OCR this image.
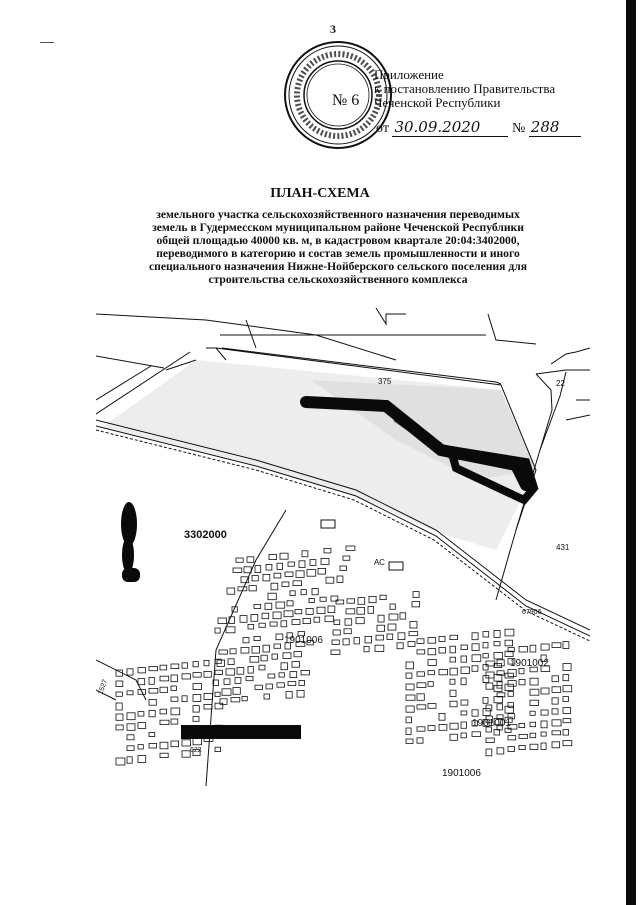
3
№ 6
Приложение
к постановлению Правительства
Чеченской Республики
от 30.09.2020 № 288
ПЛАН-СХЕМА
земельного участка сельскохозяйственного назначения переводимых
земель в Гудермесском муниципальном районе Чеченской Республики
общей площадью 40000 кв. м, в кадастровом квартале 20:04:3402000,
переводимого в категорию и состав земель промышленности и иного
специального назначения Нижне-Нойберского сельского поселения для
строительства сельскохозяйственного комплекса
375	22
3302000
431
АС
67906
1901006
1901002
1901001
1901006
622
1527
